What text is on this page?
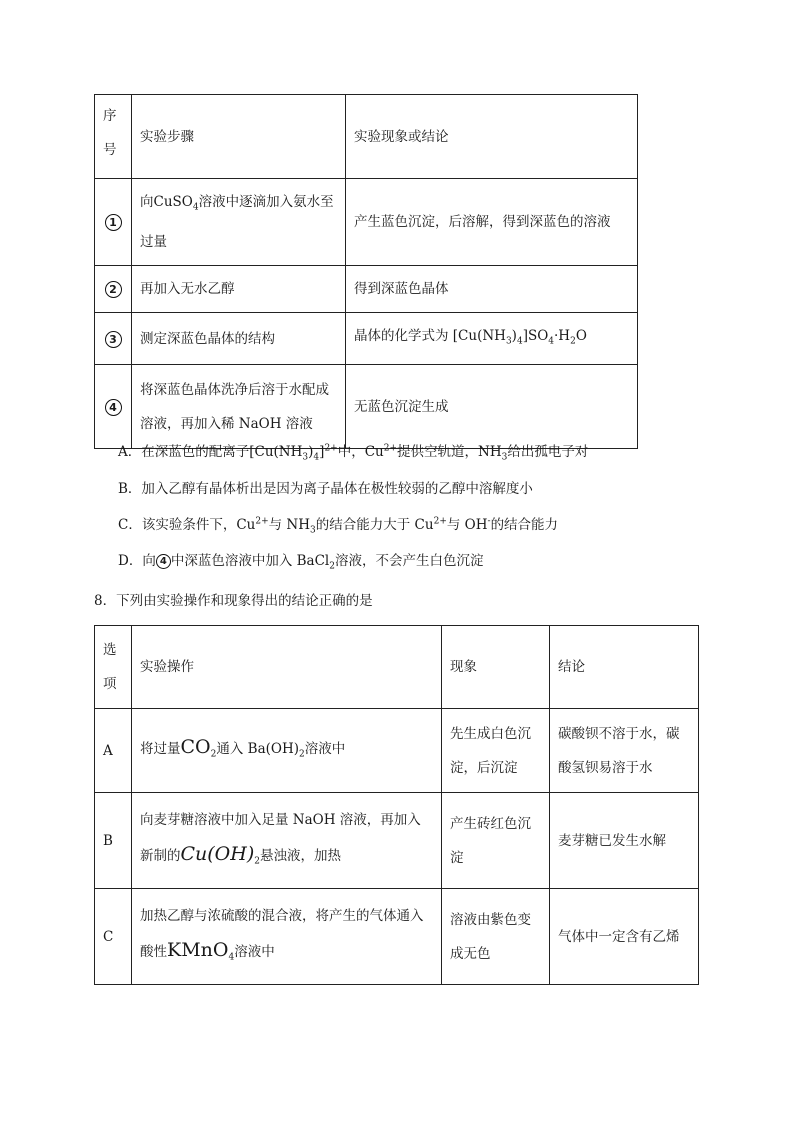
序号	实验步骤	实验现象或结论
1	向CuSO$_4$溶液中逐滴加入氨水至过量	产生蓝色沉淀，后溶解，得到深蓝色的溶液
2	再加入无水乙醇	得到深蓝色晶体
3	测定深蓝色晶体的结构	晶体的化学式为 $[Cu(NH_3)_4]SO_4\cdot H_2O$
4	将深蓝色晶体洗净后溶于水配成溶液，再加入稀 NaOH 溶液	无蓝色沉淀生成
A．在深蓝色的配离子$[Cu(NH_3)_4]^{2+}$中，$Cu^{2+}$提供空轨道，$NH_3$给出孤电子对
B．加入乙醇有晶体析出是因为离子晶体在极性较弱的乙醇中溶解度小
C．该实验条件下，$Cu^{2+}$与 $NH_3$的结合能力大于 $Cu^{2+}$与 OH-的结合能力
D．向 4 中深蓝色溶液中加入 BaCl$_2$溶液，不会产生白色沉淀
8．下列由实验操作和现象得出的结论正确的是
选项	实验操作	现象	结论
A	将过量$CO_2$通入 $Ba(OH)_2$溶液中	先生成白色沉淀，后沉淀	碳酸钡不溶于水，碳酸氢钡易溶于水
B	向麦芽糖溶液中加入足量 NaOH 溶液，再加入新制的$Cu(OH)_2$悬浊液，加热	产生砖红色沉淀	麦芽糖已发生水解
C	加热乙醇与浓硫酸的混合液，将产生的气体通入酸性KMnO$_4$溶液中	溶液由紫色变成无色	气体中一定含有乙烯
